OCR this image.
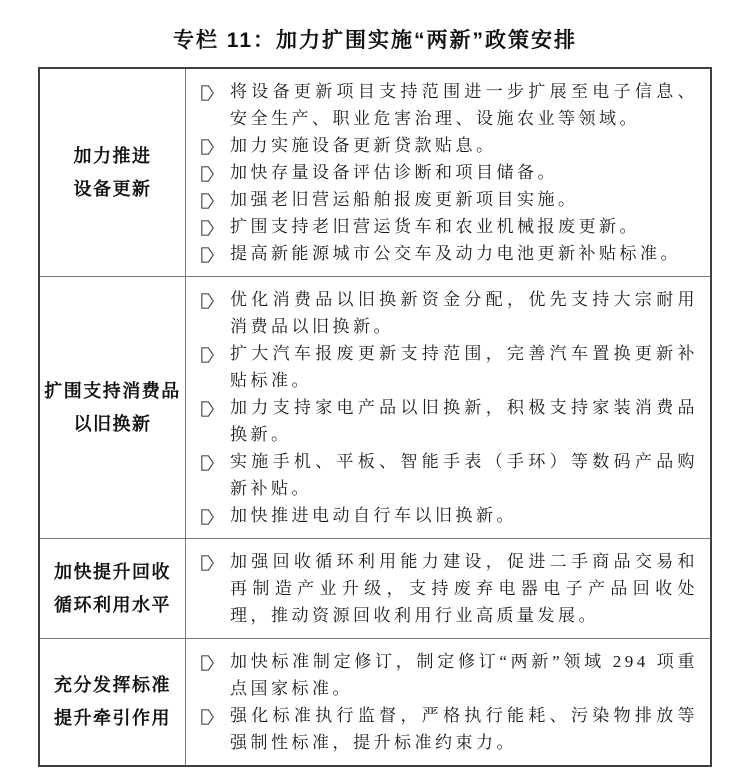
专栏 11：加力扩围实施“两新”政策安排
加力推进
设备更新
将设备更新项目支持范围进一步扩展至电子信息、安全生产、职业危害治理、设施农业等领域。
加力实施设备更新贷款贴息。
加快存量设备评估诊断和项目储备。
加强老旧营运船舶报废更新项目实施。
扩围支持老旧营运货车和农业机械报废更新。
提高新能源城市公交车及动力电池更新补贴标准。
扩围支持消费品
以旧换新
优化消费品以旧换新资金分配，优先支持大宗耐用消费品以旧换新。
扩大汽车报废更新支持范围，完善汽车置换更新补贴标准。
加力支持家电产品以旧换新，积极支持家装消费品换新。
实施手机、平板、智能手表（手环）等数码产品购新补贴。
加快推进电动自行车以旧换新。
加快提升回收
循环利用水平
加强回收循环利用能力建设，促进二手商品交易和再制造产业升级，支持废弃电器电子产品回收处理，推动资源回收利用行业高质量发展。
充分发挥标准
提升牵引作用
加快标准制定修订，制定修订“两新”领域 294 项重点国家标准。
强化标准执行监督，严格执行能耗、污染物排放等强制性标准，提升标准约束力。
